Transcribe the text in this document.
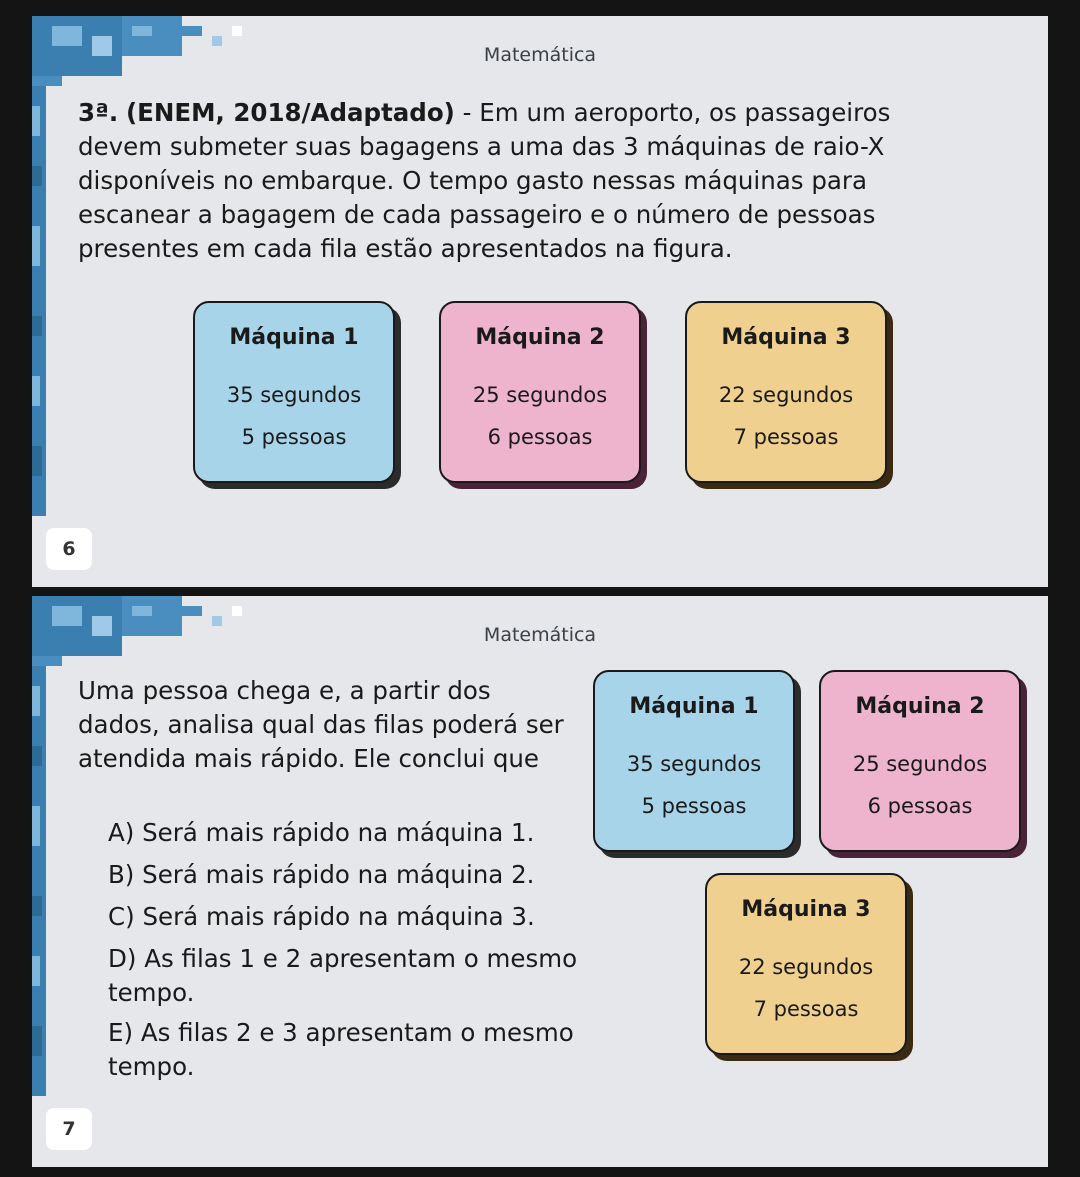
Matemática
3ª. (ENEM, 2018/Adaptado) - Em um aeroporto, os passageiros devem submeter suas bagagens a uma das 3 máquinas de raio-X disponíveis no embarque. O tempo gasto nessas máquinas para escanear a bagagem de cada passageiro e o número de pessoas presentes em cada fila estão apresentados na figura.
Máquina 1
35 segundos
5 pessoas
Máquina 2
25 segundos
6 pessoas
Máquina 3
22 segundos
7 pessoas
6
Matemática
Uma pessoa chega e, a partir dos dados, analisa qual das filas poderá ser atendida mais rápido. Ele conclui que
A) Será mais rápido na máquina 1.
B) Será mais rápido na máquina 2.
C) Será mais rápido na máquina 3.
D) As filas 1 e 2 apresentam o mesmo tempo.
E) As filas 2 e 3 apresentam o mesmo tempo.
Máquina 1
35 segundos
5 pessoas
Máquina 2
25 segundos
6 pessoas
Máquina 3
22 segundos
7 pessoas
7
